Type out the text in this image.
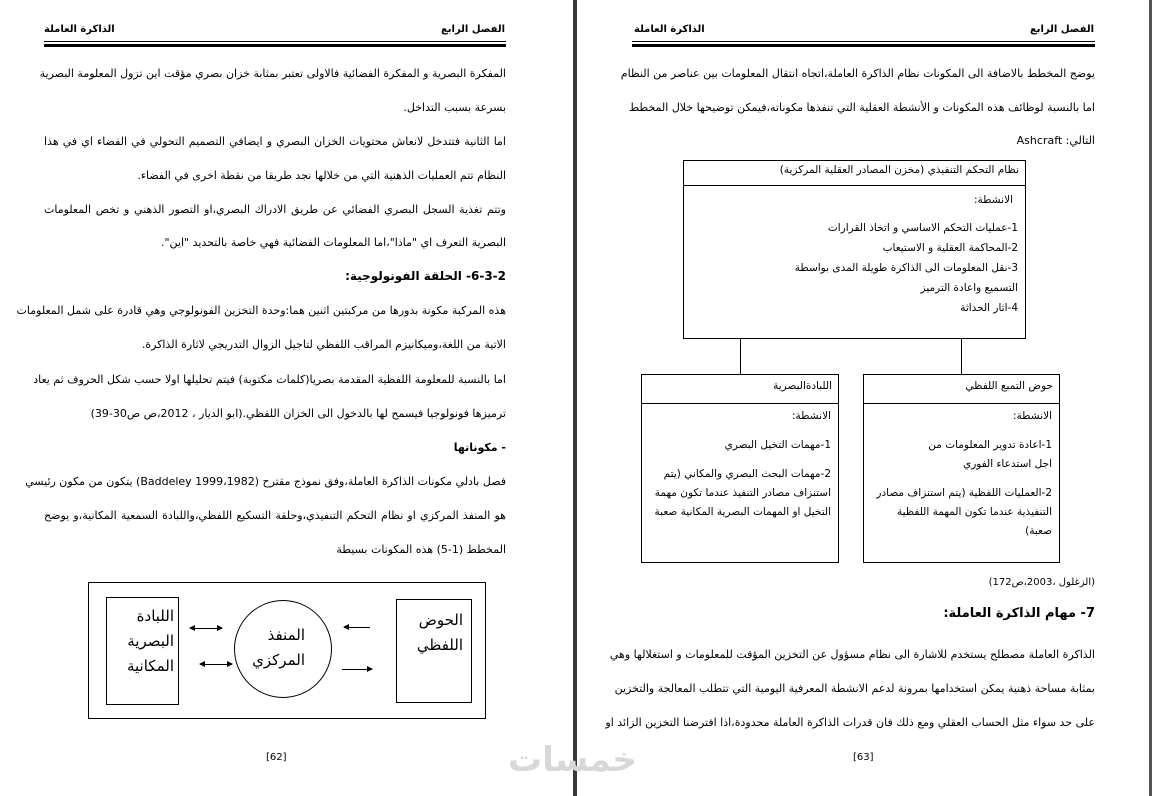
الفصل الرابع
الذاكرة العاملة
المفكرة البصرية و المفكرة الفضائية فالاولى تعتبر بمثابة خزان بصري مؤقت اين تزول المعلومة البصرية
بسرعة بسبب التداخل.
اما الثانية فتتدخل لانعاش محتويات الخزان البصري و ايضافي التصميم التحولي في الفضاء اي في هذا
النظام تتم العمليات الذهنية التي من خلالها نجد طريقا من نقطة اخرى في الفضاء.
وتتم تغذية السجل البصري الفضائي عن طريق الادراك البصري،او التصور الذهني و تخص المعلومات
البصرية التعرف اي "ماذا"،اما المعلومات الفضائية فهي خاصة بالتحديد "اين".
6-3-2- الحلقة الفونولوجية:
هذه المركبة مكونة بدورها من مركبتين اثنين هما:وحدة التخزين الفونولوجي وهي قادرة على شمل المعلومات
الاتية من اللغة،وميكانيزم المراقب اللفظي لتاجيل الزوال التدريجي لاثارة الذاكرة.
اما بالنسبة للمعلومة اللفظية المقدمة بصريا(كلمات مكتوبة) فيتم تحليلها اولا حسب شكل الحروف ثم يعاد
ترميزها فونولوجيا فيسمح لها بالدخول الى الخزان اللفظي.(ابو الديار ، 2012،ص ص30-39)
- مكوناتها
فصل بادلي مكونات الذاكرة العاملة،وفق نموذج مقترح (Baddeley 1999،1982) يتكون من مكون رئيسي
هو المنفذ المركزي او نظام التحكم التنفيذي،وحلقة التسكيع اللفظي،واللبادة السمعية المكانية،و يوضح
المخطط (1-5) هذه المكونات بسيطة
اللبادة البصرية المكانية
المنفذ المركزي
الحوض اللفظي
[62]
الفصل الرابع
الذاكرة العاملة
يوضح المخطط بالاضافة الى المكونات نظام الذاكرة العاملة،اتجاه انتقال المعلومات بين عناصر من النظام
اما بالنسبة لوظائف هذه المكونات و الأنشطة العقلية التي تنفذها مكوناته،فيمكن توضيحها خلال المخطط
التالي: Ashcraft
نظام التحكم التنفيذي (مخزن المصادر العقلية المركزية)
الانشطة:
1-عمليات التحكم الاساسي و اتخاذ القرارات
2-المحاكمة العقلية و الاستيعاب
3-نقل المعلومات الى الذاكرة طويلة المدى بواسطة التسميع واعادة الترميز
4-اثار الحداثة
اللبادةالبصرية
الانشطة:
1-مهمات التخيل البصري
2-مهمات البحث البصري والمكاني (يتم استنزاف مصادر التنفيذ عندما تكون مهمة التخيل او المهمات البصرية المكانية صعبة
حوض التمبع اللفظي
الانشطة:
1-اعادة تدوير المعلومات من اجل استدعاء الفوري
2-العمليات اللفظية (يتم استنزاف مصادر التنفيذية عندما تكون المهمة اللفظية صعبة)
(الزغلول ،2003،ص172)
7- مهام الذاكرة العاملة:
الذاكرة العاملة مصطلح يستخدم للاشارة الى نظام مسؤول عن التخزين المؤقت للمعلومات و استغلالها وهي
بمثابة مساحة ذهنية يمكن استخدامها بمرونة لدعم الانشطة المعرفية اليومية التي تتطلب المعالجة والتخزين
على حد سواء مثل الحساب العقلي ومع ذلك فان قدرات الذاكرة العاملة محدودة،اذا افترضنا التخزين الزائد او
[63]
خمسات
